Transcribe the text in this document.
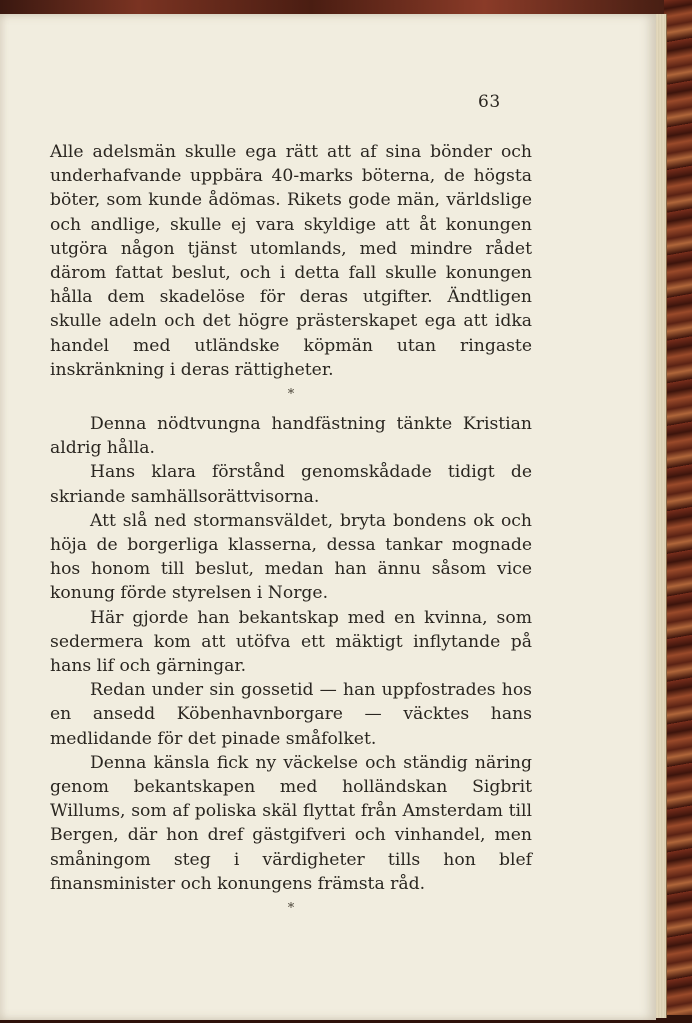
63

Alle adelsmän skulle ega rätt att af sina bönder och underhafvande uppbära 40-marks böterna, de högsta böter, som kunde ådömas. Rikets gode män, världslige och andlige, skulle ej vara skyldige att åt konungen utgöra någon tjänst utomlands, med mindre rådet därom fattat beslut, och i detta fall skulle konungen hålla dem skadelöse för deras utgifter. Ändtligen skulle adeln och det högre prästerskapet ega att idka handel med utländske köpmän utan ringaste inskränkning i deras rättigheter.

*

Denna nödtvungna handfästning tänkte Kristian aldrig hålla.

Hans klara förstånd genomskådade tidigt de skriande samhällsorättvisorna.

Att slå ned stormansväldet, bryta bondens ok och höja de borgerliga klasserna, dessa tankar mognade hos honom till beslut, medan han ännu såsom vice konung förde styrelsen i Norge.

Här gjorde han bekantskap med en kvinna, som sedermera kom att utöfva ett mäktigt inflytande på hans lif och gärningar.

Redan under sin gossetid — han uppfostrades hos en ansedd Köbenhavnborgare — väcktes hans medlidande för det pinade småfolket.

Denna känsla fick ny väckelse och ständig näring genom bekantskapen med holländskan Sigbrit Willums, som af poliska skäl flyttat från Amsterdam till Bergen, där hon dref gästgifveri och vinhandel, men småningom steg i värdigheter tills hon blef finansminister och konungens främsta råd.

*
